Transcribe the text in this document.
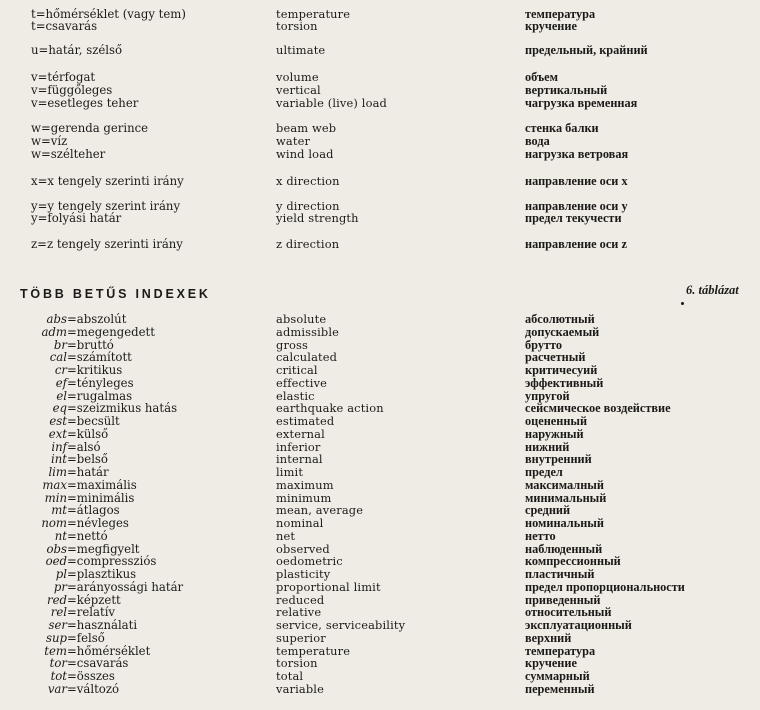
t=hőmérséklet (vagy tem)	temperature	температура
t=csavarás	torsion	кручение
u=határ, szélső	ultimate	предельный, крайний
v=térfogat	volume	объем
v=függőleges	vertical	вертикальный
v=esetleges teher	variable (live) load	чагрузка временная
w=gerenda gerince	beam web	стенка балки
w=víz	water	вода
w=szélteher	wind load	нагрузка ветровая
x=x tengely szerinti irány	x direction	направление оси x
y=y tengely szerint irány	y direction	направление оси y
y=folyási határ	yield strength	предел текучести
z=z tengely szerinti irány	z direction	направление оси z
TÖBB BETŰS INDEXEK	6. táblázat
abs=abszolút	absolute	абсолютный
adm=megengedett	admissible	допускаемый
br=bruttó	gross	брутто
cal=számított	calculated	расчетный
cr=kritikus	critical	критичесуий
ef=tényleges	effective	эффективный
el=rugalmas	elastic	упругой
eq=szeizmikus hatás	earthquake action	сейсмическое воздействие
est=becsült	estimated	оцененный
ext=külső	external	наружный
inf=alsó	inferior	нижний
int=belső	internal	внутренний
lim=határ	limit	предел
max=maximális	maximum	максималный
min=minimális	minimum	минимальный
mt=átlagos	mean, average	средний
nom=névleges	nominal	номинальный
nt=nettó	net	нетто
obs=megfigyelt	observed	наблюденный
oed=compressziós	oedometric	компрессионный
pl=plasztikus	plasticity	пластичный
pr=arányossági határ	proportional limit	предел пропорциональности
red=képzett	reduced	приведенный
rel=relatív	relative	относительный
ser=használati	service, serviceability	эксплуатационный
sup=felső	superior	верхний
tem=hőmérséklet	temperature	температура
tor=csavarás	torsion	кручение
tot=összes	total	суммарный
var=változó	variable	переменный
